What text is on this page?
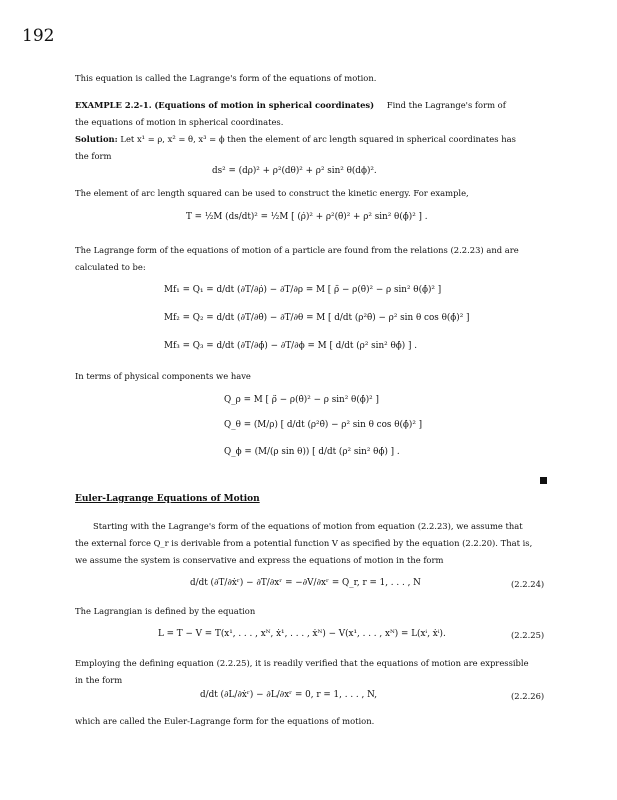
192
This equation is called the Lagrange's form of the equations of motion.
EXAMPLE 2.2-1. (Equations of motion in spherical coordinates) Find the Lagrange's form of
the equations of motion in spherical coordinates.
Solution: Let x¹ = ρ, x² = θ, x³ = ϕ then the element of arc length squared in spherical coordinates has
the form
ds² = (dρ)² + ρ²(dθ)² + ρ² sin² θ(dϕ)².
The element of arc length squared can be used to construct the kinetic energy. For example,
T = ½M (ds/dt)² = ½M [ (ρ̇)² + ρ²(θ̇)² + ρ² sin² θ(ϕ̇)² ] .
The Lagrange form of the equations of motion of a particle are found from the relations (2.2.23) and are
calculated to be:
Mf₁ = Q₁ = d/dt (∂T/∂ρ̇) − ∂T/∂ρ = M [ ρ̈ − ρ(θ̇)² − ρ sin² θ(ϕ̇)² ]
Mf₂ = Q₂ = d/dt (∂T/∂θ̇) − ∂T/∂θ = M [ d/dt (ρ²θ̇) − ρ² sin θ cos θ(ϕ̇)² ]
Mf₃ = Q₃ = d/dt (∂T/∂ϕ̇) − ∂T/∂ϕ = M [ d/dt (ρ² sin² θϕ̇) ] .
In terms of physical components we have
Q_ρ = M [ ρ̈ − ρ(θ̇)² − ρ sin² θ(ϕ̇)² ]
Q_θ = (M/ρ) [ d/dt (ρ²θ̇) − ρ² sin θ cos θ(ϕ̇)² ]
Q_ϕ = (M/(ρ sin θ)) [ d/dt (ρ² sin² θϕ̇) ] .
Euler-Lagrange Equations of Motion
Starting with the Lagrange's form of the equations of motion from equation (2.2.23), we assume that
the external force Q_r is derivable from a potential function V as specified by the equation (2.2.20). That is,
we assume the system is conservative and express the equations of motion in the form
d/dt (∂T/∂ẋʳ) − ∂T/∂xʳ = −∂V/∂xʳ = Q_r, r = 1, . . . , N	(2.2.24)
The Lagrangian is defined by the equation
L = T − V = T(x¹, . . . , xᴺ, ẋ¹, . . . , ẋᴺ) − V(x¹, . . . , xᴺ) = L(xⁱ, ẋⁱ).	(2.2.25)
Employing the defining equation (2.2.25), it is readily verified that the equations of motion are expressible
in the form
d/dt (∂L/∂ẋʳ) − ∂L/∂xʳ = 0, r = 1, . . . , N,	(2.2.26)
which are called the Euler-Lagrange form for the equations of motion.
